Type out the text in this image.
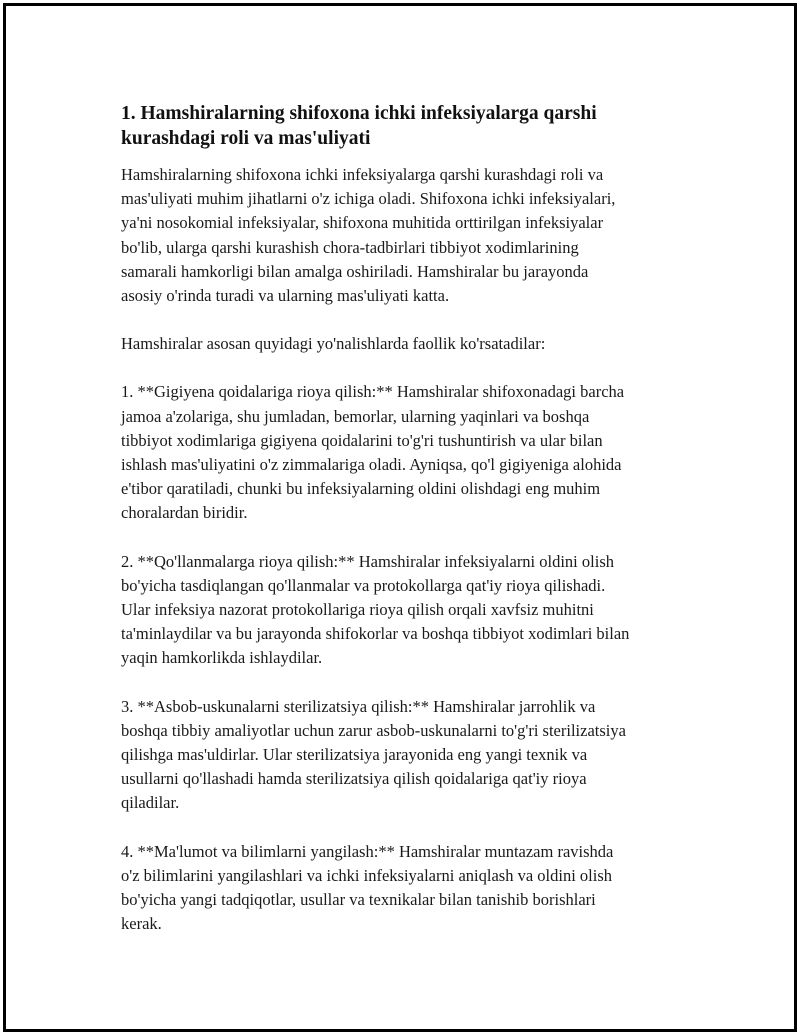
1. Hamshiralarning shifoxona ichki infeksiyalarga qarshi kurashdagi roli va mas'uliyati

Hamshiralarning shifoxona ichki infeksiyalarga qarshi kurashdagi roli va
mas'uliyati muhim jihatlarni o'z ichiga oladi. Shifoxona ichki infeksiyalari,
ya'ni nosokomial infeksiyalar, shifoxona muhitida orttirilgan infeksiyalar
bo'lib, ularga qarshi kurashish chora-tadbirlari tibbiyot xodimlarining
samarali hamkorligi bilan amalga oshiriladi. Hamshiralar bu jarayonda
asosiy o'rinda turadi va ularning mas'uliyati katta.

Hamshiralar asosan quyidagi yo'nalishlarda faollik ko'rsatadilar:

1. **Gigiyena qoidalariga rioya qilish:** Hamshiralar shifoxonadagi barcha
jamoa a'zolariga, shu jumladan, bemorlar, ularning yaqinlari va boshqa
tibbiyot xodimlariga gigiyena qoidalarini to'g'ri tushuntirish va ular bilan
ishlash mas'uliyatini o'z zimmalariga oladi. Ayniqsa, qo'l gigiyeniga alohida
e'tibor qaratiladi, chunki bu infeksiyalarning oldini olishdagi eng muhim
choralardan biridir.

2. **Qo'llanmalarga rioya qilish:** Hamshiralar infeksiyalarni oldini olish
bo'yicha tasdiqlangan qo'llanmalar va protokollarga qat'iy rioya qilishadi.
Ular infeksiya nazorat protokollariga rioya qilish orqali xavfsiz muhitni
ta'minlaydilar va bu jarayonda shifokorlar va boshqa tibbiyot xodimlari bilan
yaqin hamkorlikda ishlaydilar.

3. **Asbob-uskunalarni sterilizatsiya qilish:** Hamshiralar jarrohlik va
boshqa tibbiy amaliyotlar uchun zarur asbob-uskunalarni to'g'ri sterilizatsiya
qilishga mas'uldirlar. Ular sterilizatsiya jarayonida eng yangi texnik va
usullarni qo'llashadi hamda sterilizatsiya qilish qoidalariga qat'iy rioya
qiladilar.

4. **Ma'lumot va bilimlarni yangilash:** Hamshiralar muntazam ravishda
o'z bilimlarini yangilashlari va ichki infeksiyalarni aniqlash va oldini olish
bo'yicha yangi tadqiqotlar, usullar va texnikalar bilan tanishib borishlari
kerak.
